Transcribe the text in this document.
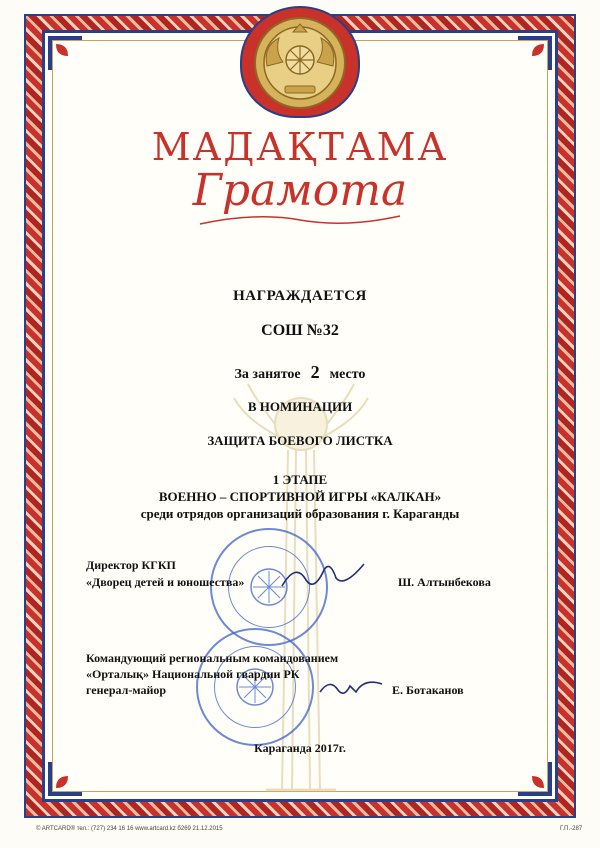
МАДАҚТАМА
Грамота
НАГРАЖДАЕТСЯ
СОШ №32
За занятое 2 место
В НОМИНАЦИИ
ЗАЩИТА БОЕВОГО ЛИСТКА
1 ЭТАПЕ
ВОЕННО – СПОРТИВНОЙ ИГРЫ «КАЛКАН»
среди отрядов организаций образования г. Караганды
Директор КГКП
«Дворец детей и юношества»	Ш. Алтынбекова
Командующий региональным командованием
«Орталық» Национальной гвардии РК
генерал-майор	Е. Ботаканов
Караганда 2017г.
© ARTCARD® тел.: (727) 234 16 16 www.artcard.kz б269 21.12.2015	Г.П.-287
